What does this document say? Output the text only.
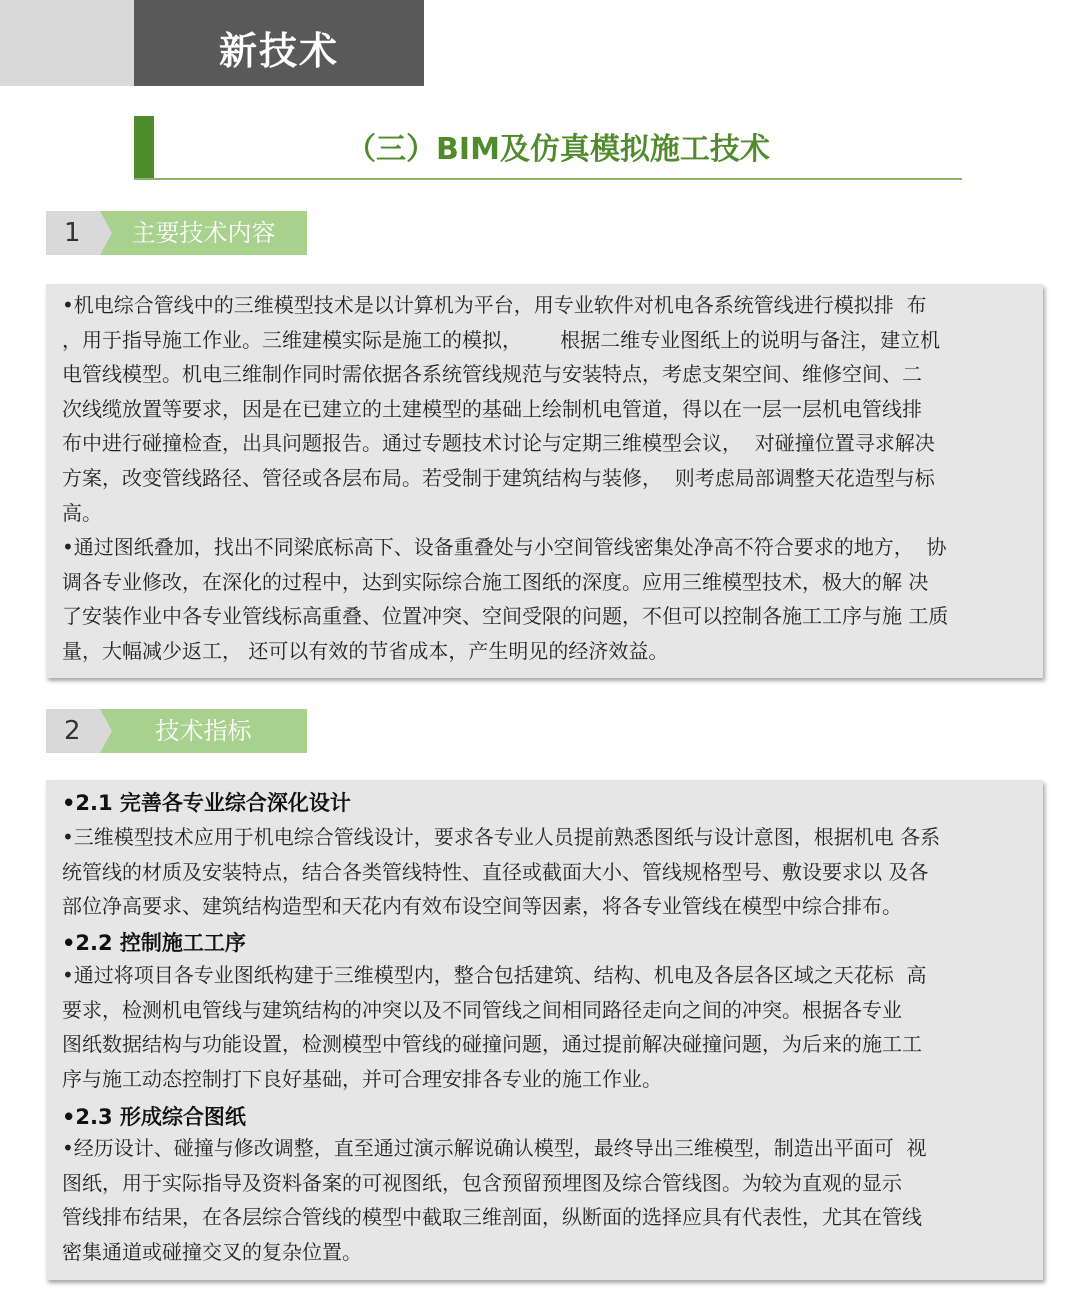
新技术
（三）BIM及仿真模拟施工技术
1	主要技术内容

•机电综合管线中的三维模型技术是以计算机为平台，用专业软件对机电各系统管线进行模拟排  布

，用于指导施工作业。三维建模实际是施工的模拟，      根据二维专业图纸上的说明与备注，建立机

电管线模型。机电三维制作同时需依据各系统管线规范与安装特点，考虑支架空间、维修空间、二

次线缆放置等要求，因是在已建立的土建模型的基础上绘制机电管道，得以在一层一层机电管线排

布中进行碰撞检查，出具问题报告。通过专题技术讨论与定期三维模型会议，  对碰撞位置寻求解决

方案，改变管线路径、管径或各层布局。若受制于建筑结构与装修，  则考虑局部调整天花造型与标

高。

•通过图纸叠加，找出不同梁底标高下、设备重叠处与小空间管线密集处净高不符合要求的地方，  协

调各专业修改，在深化的过程中，达到实际综合施工图纸的深度。应用三维模型技术，极大的解 决

了安装作业中各专业管线标高重叠、位置冲突、空间受限的问题，不但可以控制各施工工序与施 工质

量，大幅减少返工， 还可以有效的节省成本，产生明见的经济效益。

2	技术指标

•2.1 完善各专业综合深化设计

•三维模型技术应用于机电综合管线设计，要求各专业人员提前熟悉图纸与设计意图，根据机电 各系

统管线的材质及安装特点，结合各类管线特性、直径或截面大小、管线规格型号、敷设要求以 及各

部位净高要求、建筑结构造型和天花内有效布设空间等因素，将各专业管线在模型中综合排布。

•2.2 控制施工工序

•通过将项目各专业图纸构建于三维模型内，整合包括建筑、结构、机电及各层各区域之天花标  高

要求，检测机电管线与建筑结构的冲突以及不同管线之间相同路径走向之间的冲突。根据各专业

图纸数据结构与功能设置，检测模型中管线的碰撞问题，通过提前解决碰撞问题，为后来的施工工

序与施工动态控制打下良好基础，并可合理安排各专业的施工作业。

•2.3 形成综合图纸

•经历设计、碰撞与修改调整，直至通过演示解说确认模型，最终导出三维模型，制造出平面可  视

图纸，用于实际指导及资料备案的可视图纸，包含预留预埋图及综合管线图。为较为直观的显示

管线排布结果，在各层综合管线的模型中截取三维剖面，纵断面的选择应具有代表性，尤其在管线

密集通道或碰撞交叉的复杂位置。
